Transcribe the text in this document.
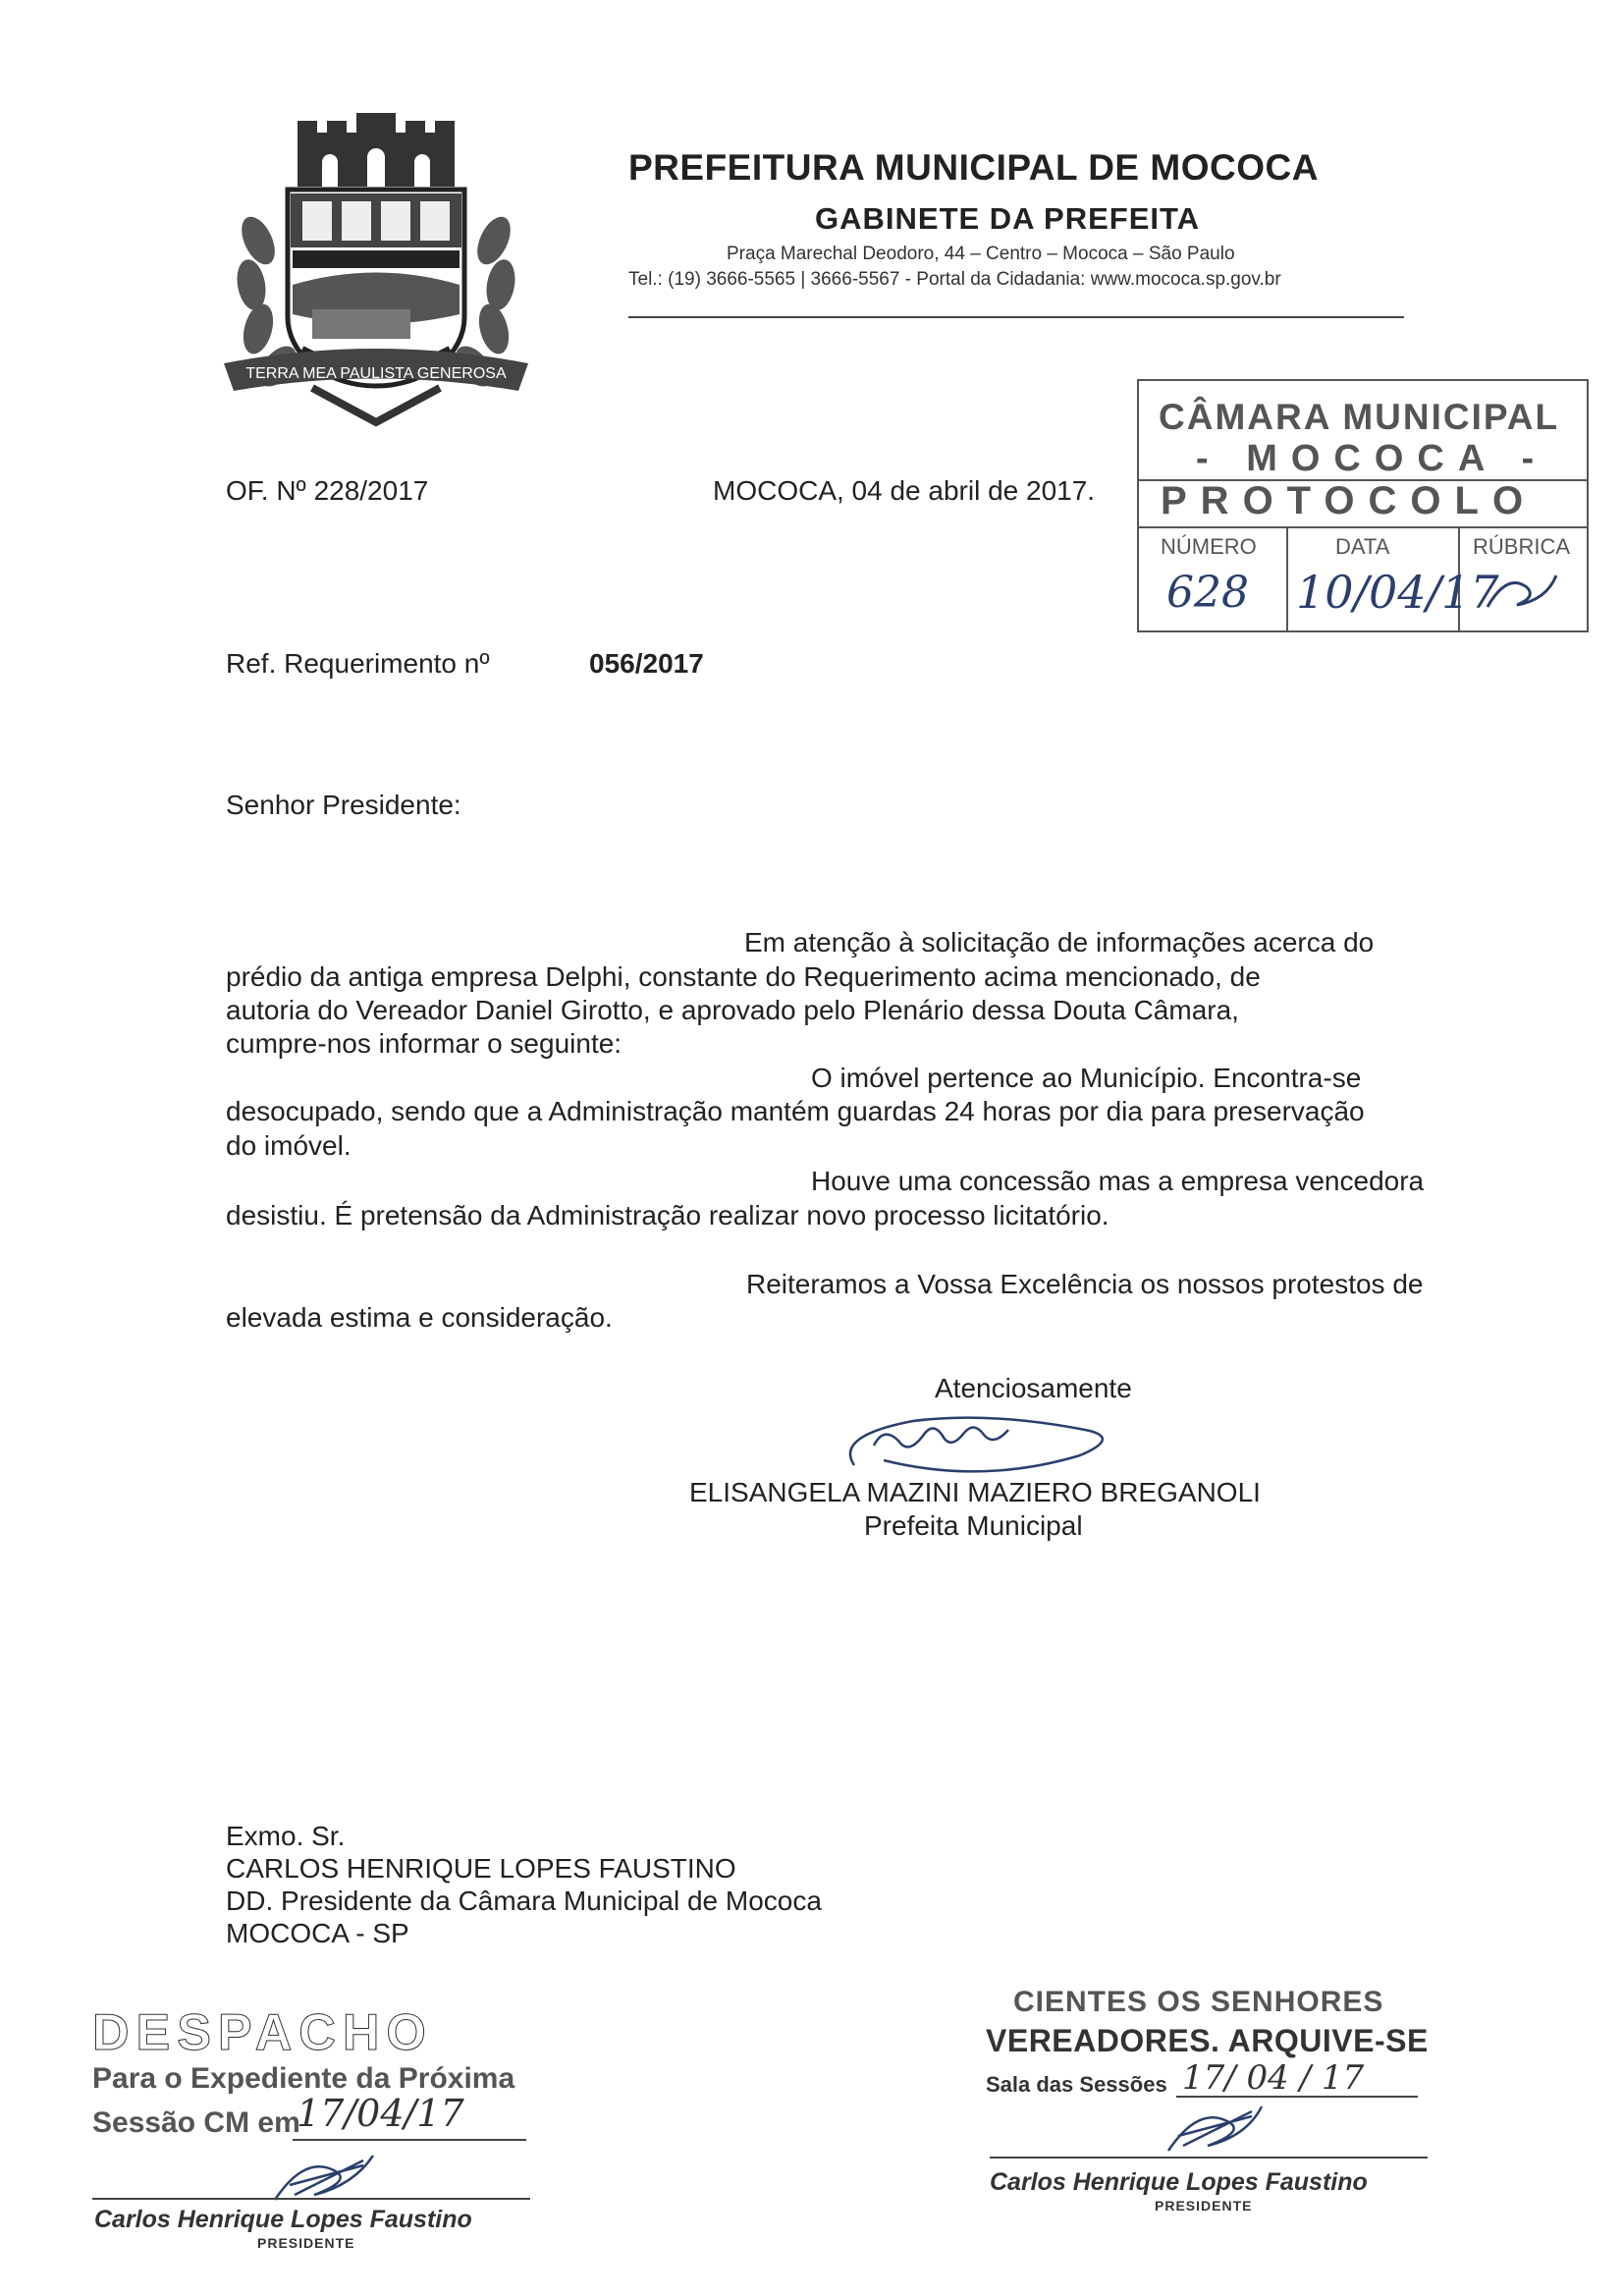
TERRA MEA PAULISTA GENEROSA
PREFEITURA MUNICIPAL DE MOCOCA
GABINETE DA PREFEITA
Praça Marechal Deodoro, 44 – Centro – Mococa – São Paulo
Tel.: (19) 3666-5565 | 3666-5567 - Portal da Cidadania: www.mococa.sp.gov.br
OF. Nº 228/2017	MOCOCA, 04 de abril de 2017.
CÂMARA MUNICIPAL
- MOCOCA -
PROTOCOLO
NÚMERO	DATA	RÚBRICA
628 10/04/17
Ref. Requerimento nº	056/2017
Senhor Presidente:
Em atenção à solicitação de informações acerca do
prédio da antiga empresa Delphi, constante do Requerimento acima mencionado, de
autoria do Vereador Daniel Girotto, e aprovado pelo Plenário dessa Douta Câmara,
cumpre-nos informar o seguinte:
O imóvel pertence ao Município. Encontra-se
desocupado, sendo que a Administração mantém guardas 24 horas por dia para preservação
do imóvel.
Houve uma concessão mas a empresa vencedora
desistiu. É pretensão da Administração realizar novo processo licitatório.
Reiteramos a Vossa Excelência os nossos protestos de
elevada estima e consideração.
Atenciosamente
ELISANGELA MAZINI MAZIERO BREGANOLI
Prefeita Municipal
Exmo. Sr.
CARLOS HENRIQUE LOPES FAUSTINO
DD. Presidente da Câmara Municipal de Mococa
MOCOCA - SP
DESPACHO
Para o Expediente da Próxima
Sessão CM em
17/04/17
Carlos Henrique Lopes Faustino
PRESIDENTE
CIENTES OS SENHORES
VEREADORES. ARQUIVE-SE
Sala das Sessões 17/ 04 / 17
Carlos Henrique Lopes Faustino
PRESIDENTE
